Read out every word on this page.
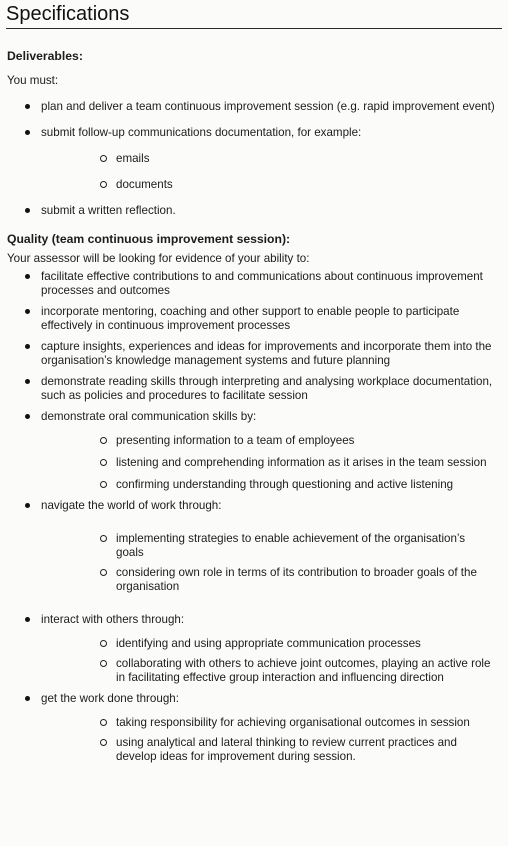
Specifications
Deliverables:
You must:
plan and deliver a team continuous improvement session (e.g. rapid improvement event)
submit follow-up communications documentation, for example:
emails
documents
submit a written reflection.
Quality (team continuous improvement session):
Your assessor will be looking for evidence of your ability to:
facilitate effective contributions to and communications about continuous improvement processes and outcomes
incorporate mentoring, coaching and other support to enable people to participate effectively in continuous improvement processes
capture insights, experiences and ideas for improvements and incorporate them into the organisation’s knowledge management systems and future planning
demonstrate reading skills through interpreting and analysing workplace documentation, such as policies and procedures to facilitate session
demonstrate oral communication skills by:
presenting information to a team of employees
listening and comprehending information as it arises in the team session
confirming understanding through questioning and active listening
navigate the world of work through:
implementing strategies to enable achievement of the organisation’s goals
considering own role in terms of its contribution to broader goals of the organisation
interact with others through:
identifying and using appropriate communication processes
collaborating with others to achieve joint outcomes, playing an active role in facilitating effective group interaction and influencing direction
get the work done through:
taking responsibility for achieving organisational outcomes in session
using analytical and lateral thinking to review current practices and develop ideas for improvement during session.
